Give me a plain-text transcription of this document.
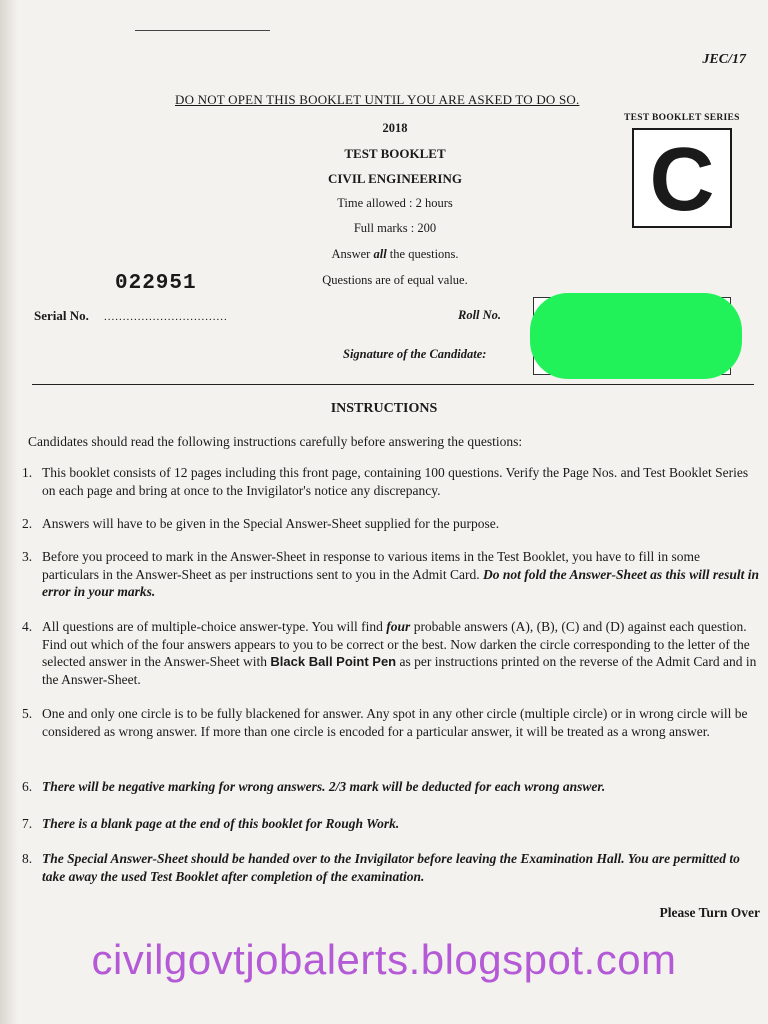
JEC/17
DO NOT OPEN THIS BOOKLET UNTIL YOU ARE ASKED TO DO SO.
2018
TEST BOOKLET
CIVIL ENGINEERING
Time allowed : 2 hours
Full marks : 200
Answer all the questions.
Questions are of equal value.
TEST BOOKLET SERIES
C
022951
Serial No. .................................	Roll No.
Signature of the Candidate:
INSTRUCTIONS
Candidates should read the following instructions carefully before answering the questions:
1. This booklet consists of 12 pages including this front page, containing 100 questions. Verify the Page Nos. and Test Booklet Series on each page and bring at once to the Invigilator's notice any discrepancy.
2. Answers will have to be given in the Special Answer-Sheet supplied for the purpose.
3. Before you proceed to mark in the Answer-Sheet in response to various items in the Test Booklet, you have to fill in some particulars in the Answer-Sheet as per instructions sent to you in the Admit Card. Do not fold the Answer-Sheet as this will result in error in your marks.
4. All questions are of multiple-choice answer-type. You will find four probable answers (A), (B), (C) and (D) against each question. Find out which of the four answers appears to you to be correct or the best. Now darken the circle corresponding to the letter of the selected answer in the Answer-Sheet with Black Ball Point Pen as per instructions printed on the reverse of the Admit Card and in the Answer-Sheet.
5. One and only one circle is to be fully blackened for answer. Any spot in any other circle (multiple circle) or in wrong circle will be considered as wrong answer. If more than one circle is encoded for a particular answer, it will be treated as a wrong answer.
6. There will be negative marking for wrong answers. 2/3 mark will be deducted for each wrong answer.
7. There is a blank page at the end of this booklet for Rough Work.
8. The Special Answer-Sheet should be handed over to the Invigilator before leaving the Examination Hall. You are permitted to take away the used Test Booklet after completion of the examination.
Please Turn Over
civilgovtjobalerts.blogspot.com
